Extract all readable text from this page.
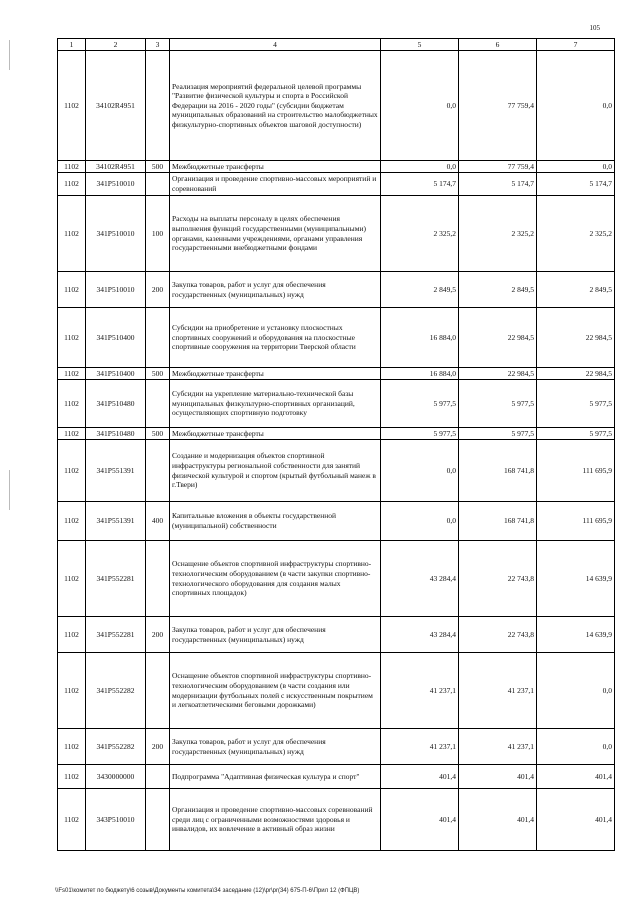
105
1	2	3	4	5	6	7
1102	34102R4951		Реализация мероприятий федеральной целевой программы "Развитие физической культуры и спорта в Российской Федерации на 2016 - 2020 годы" (субсидии бюджетам муниципальных образований на строительство малобюджетных физкультурно-спортивных объектов шаговой доступности)	0,0	77 759,4	0,0
1102	34102R4951	500	Межбюджетные трансферты	0,0	77 759,4	0,0
1102	341P510010		Организация и проведение спортивно-массовых мероприятий и соревнований	5 174,7	5 174,7	5 174,7
1102	341P510010	100	Расходы на выплаты персоналу в целях обеспечения выполнения функций государственными (муниципальными) органами, казенными учреждениями, органами управления государственными внебюджетными фондами	2 325,2	2 325,2	2 325,2
1102	341P510010	200	Закупка товаров, работ и услуг для обеспечения государственных (муниципальных) нужд	2 849,5	2 849,5	2 849,5
1102	341P510400		Субсидии на приобретение и установку плоскостных спортивных сооружений и оборудования на плоскостные спортивные сооружения на территории Тверской области	16 884,0	22 984,5	22 984,5
1102	341P510400	500	Межбюджетные трансферты	16 884,0	22 984,5	22 984,5
1102	341P510480		Субсидии на укрепление материально-технической базы муниципальных физкультурно-спортивных организаций, осуществляющих спортивную подготовку	5 977,5	5 977,5	5 977,5
1102	341P510480	500	Межбюджетные трансферты	5 977,5	5 977,5	5 977,5
1102	341P551391		Создание и модернизация объектов спортивной инфраструктуры региональной собственности для занятий физической культурой и спортом (крытый футбольный манеж в г.Твери)	0,0	168 741,8	111 695,9
1102	341P551391	400	Капитальные вложения в объекты государственной (муниципальной) собственности	0,0	168 741,8	111 695,9
1102	341P552281		Оснащение объектов спортивной инфраструктуры спортивно-технологическим оборудованием (в части закупки спортивно-технологического оборудования для создания малых спортивных площадок)	43 284,4	22 743,8	14 639,9
1102	341P552281	200	Закупка товаров, работ и услуг для обеспечения государственных (муниципальных) нужд	43 284,4	22 743,8	14 639,9
1102	341P552282		Оснащение объектов спортивной инфраструктуры спортивно-технологическим оборудованием (в части создания или модернизации футбольных полей с искусственным покрытием и легкоатлетическими беговыми дорожками)	41 237,1	41 237,1	0,0
1102	341P552282	200	Закупка товаров, работ и услуг для обеспечения государственных (муниципальных) нужд	41 237,1	41 237,1	0,0
1102	3430000000		Подпрограмма "Адаптивная физическая культура и спорт"	401,4	401,4	401,4
1102	343P510010		Организация и проведение спортивно-массовых соревнований среди лиц с ограниченными возможностями здоровья и инвалидов, их вовлечение в активный образ жизни	401,4	401,4	401,4
\\Fs01\комитет по бюджету\6 созыв\Документы комитета\34 заседание (12)\pr\pr(34) 675-П-6\Прил 12 (ФПЦВ)
